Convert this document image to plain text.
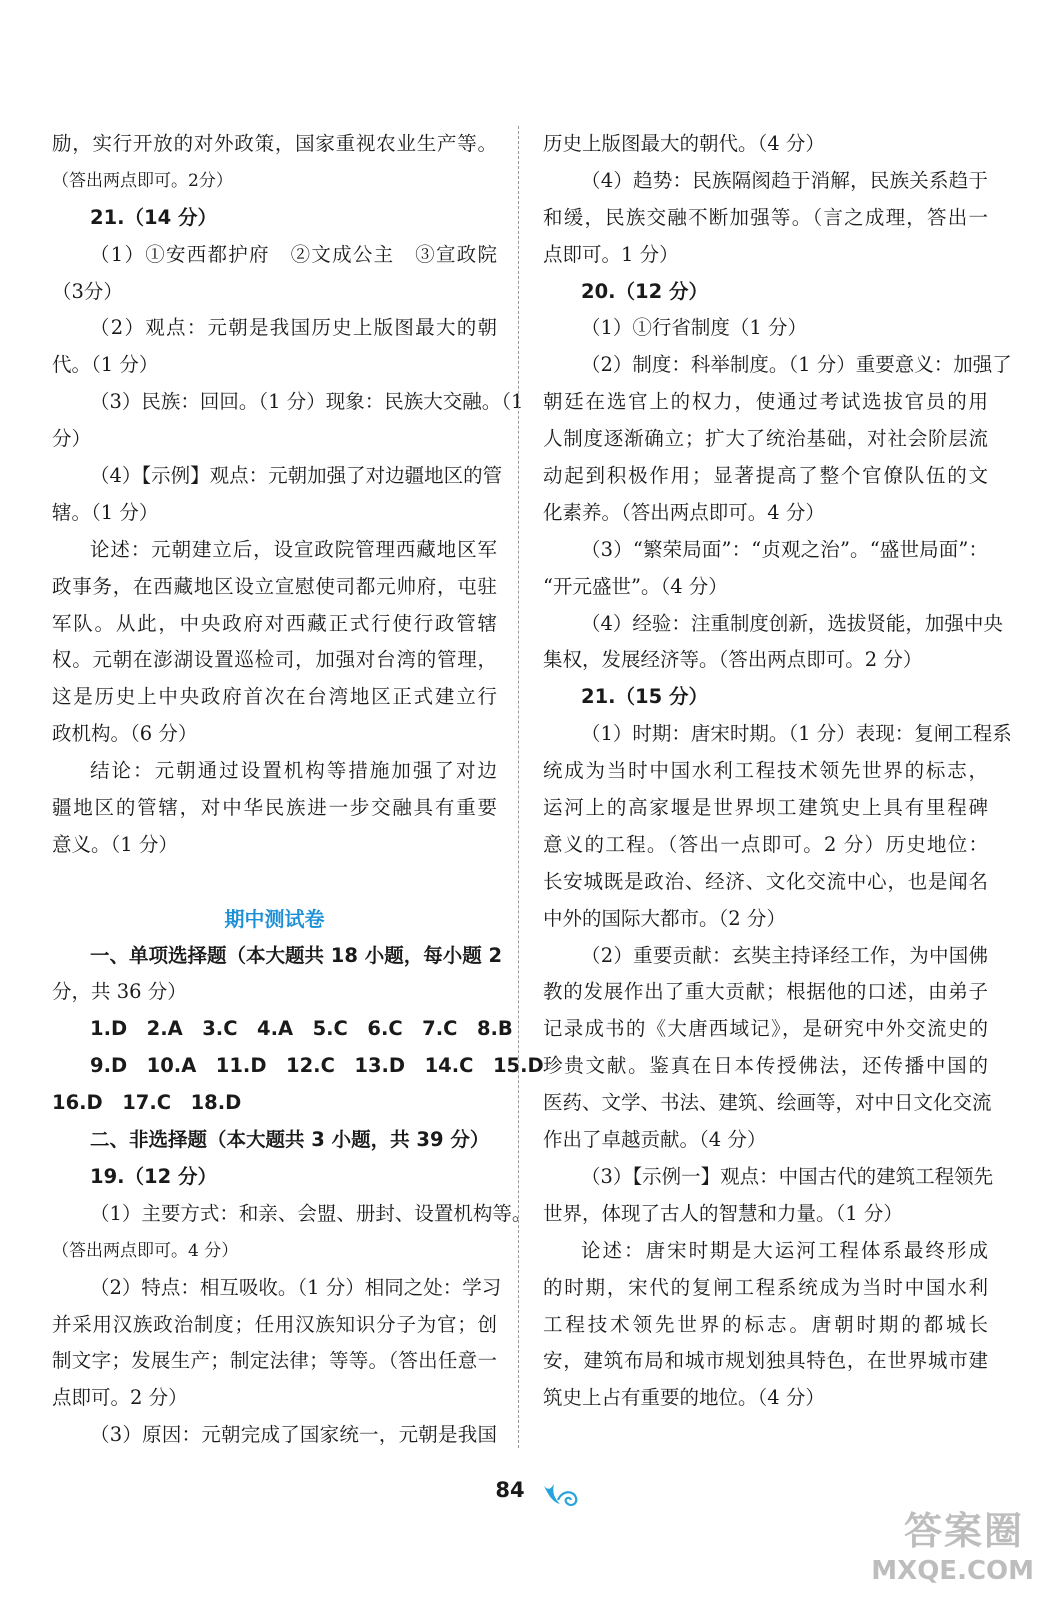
励，实行开放的对外政策，国家重视农业生产等。
（答出两点即可。2分）
21.（14 分）
（1）①安西都护府　②文成公主　③宣政院
（3分）
（2）观点：元朝是我国历史上版图最大的朝
代。（1 分）
（3）民族：回回。（1 分）现象：民族大交融。（1
分）
（4）【示例】观点：元朝加强了对边疆地区的管
辖。（1 分）
论述：元朝建立后，设宣政院管理西藏地区军
政事务，在西藏地区设立宣慰使司都元帅府，屯驻
军队。从此，中央政府对西藏正式行使行政管辖
权。元朝在澎湖设置巡检司，加强对台湾的管理，
这是历史上中央政府首次在台湾地区正式建立行
政机构。（6 分）
结论：元朝通过设置机构等措施加强了对边
疆地区的管辖，对中华民族进一步交融具有重要
意义。（1 分）
期中测试卷
一、单项选择题（本大题共 18 小题，每小题 2
分，共 36 分）
1.D　2.A　3.C　4.A　5.C　6.C　7.C　8.B
9.D　10.A　11.D　12.C　13.D　14.C　15.D
16.D　17.C　18.D
二、非选择题（本大题共 3 小题，共 39 分）
19.（12 分）
（1）主要方式：和亲、会盟、册封、设置机构等。
（答出两点即可。4 分）
（2）特点：相互吸收。（1 分）相同之处：学习
并采用汉族政治制度；任用汉族知识分子为官；创
制文字；发展生产；制定法律；等等。（答出任意一
点即可。2 分）
（3）原因：元朝完成了国家统一，元朝是我国
历史上版图最大的朝代。（4 分）
（4）趋势：民族隔阂趋于消解，民族关系趋于
和缓，民族交融不断加强等。（言之成理，答出一
点即可。1 分）
20.（12 分）
（1）①行省制度（1 分）
（2）制度：科举制度。（1 分）重要意义：加强了
朝廷在选官上的权力，使通过考试选拔官员的用
人制度逐渐确立；扩大了统治基础，对社会阶层流
动起到积极作用；显著提高了整个官僚队伍的文
化素养。（答出两点即可。4 分）
（3）“繁荣局面”：“贞观之治”。“盛世局面”：
“开元盛世”。（4 分）
（4）经验：注重制度创新，选拔贤能，加强中央
集权，发展经济等。（答出两点即可。2 分）
21.（15 分）
（1）时期：唐宋时期。（1 分）表现：复闸工程系
统成为当时中国水利工程技术领先世界的标志，
运河上的高家堰是世界坝工建筑史上具有里程碑
意义的工程。（答出一点即可。2 分）历史地位：
长安城既是政治、经济、文化交流中心，也是闻名
中外的国际大都市。（2 分）
（2）重要贡献：玄奘主持译经工作，为中国佛
教的发展作出了重大贡献；根据他的口述，由弟子
记录成书的《大唐西域记》，是研究中外交流史的
珍贵文献。鉴真在日本传授佛法，还传播中国的
医药、文学、书法、建筑、绘画等，对中日文化交流
作出了卓越贡献。（4 分）
（3）【示例一】观点：中国古代的建筑工程领先
世界，体现了古人的智慧和力量。（1 分）
论述：唐宋时期是大运河工程体系最终形成
的时期，宋代的复闸工程系统成为当时中国水利
工程技术领先世界的标志。唐朝时期的都城长
安，建筑布局和城市规划独具特色，在世界城市建
筑史上占有重要的地位。（4 分）
84
答案圈
MXQE.COM
